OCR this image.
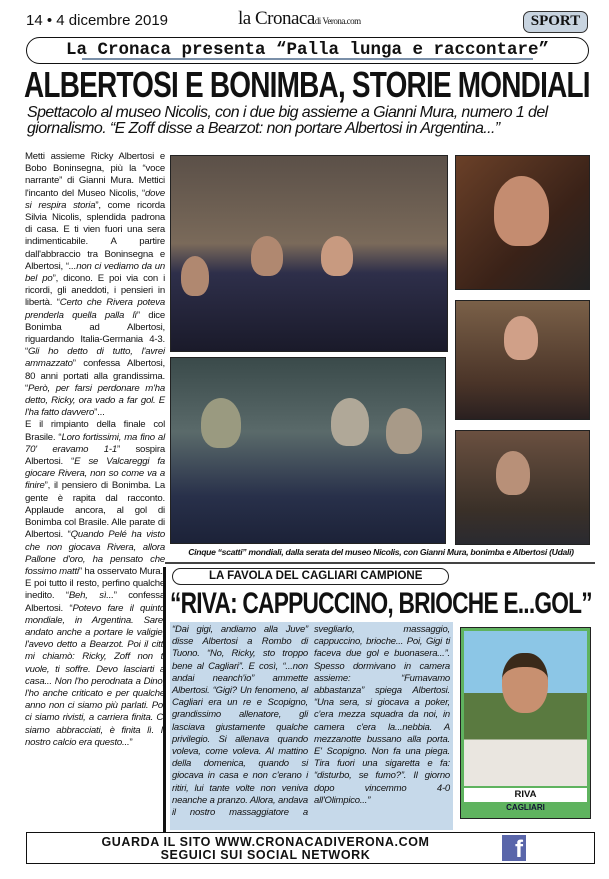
14 • 4 dicembre 2019	la Cronacadi Verona.com	SPORT
La Cronaca presenta “Palla lunga e raccontare”
ALBERTOSI E BONIMBA, STORIE MONDIALI
Spettacolo al museo Nicolis, con i due big assieme a Gianni Mura, numero 1 del giornalismo. “E Zoff disse a Bearzot: non portare Albertosi in Argentina...”

Metti assieme Ricky Albertosi e Bobo Boninsegna, più la “voce narrante” di Gianni Mura. Mettici l'incanto del Museo Nicolis, “dove si respira storia”, come ricorda Silvia Nicolis, splendida padrona di casa. E ti vien fuori una sera indimenticabile. A partire dall'abbraccio tra Boninsegna e Albertosi, “...non ci vediamo da un bel po”, dicono. E poi via con i ricordi, gli aneddoti, i pensieri in libertà. “Certo che Rivera poteva prenderla quella palla lì” dice Bonimba ad Albertosi, riguardando Italia-Germania 4-3. “Gli ho detto di tutto, l'avrei ammazzato” confessa Albertosi, 80 anni portati alla grandissima. “Però, per farsi perdonare m'ha detto, Ricky, ora vado a far gol. E l'ha fatto davvero”...

E il rimpianto della finale col Brasile. “Loro fortissimi, ma fino al 70' eravamo 1-1” sospira Albertosi. “E se Valcareggi fa giocare Rivera, non so come va a finire”, il pensiero di Bonimba. La gente è rapita dal racconto. Applaude ancora, al gol di Bonimba col Brasile. Alle parate di Albertosi. “Quando Pelé ha visto che non giocava Rivera, allora Pallone d'oro, ha pensato che fossimo matti” ha osservato Mura.

E poi tutto il resto, perfino qualche inedito. “Beh, sì...” confessa Albertosi. “Potevo fare il quinto mondiale, in Argentina. Sarei andato anche a portare le valigie, l'avevo detto a Bearzot. Poi il citti mi chiamò: Ricky, Zoff non ti vuole, ti soffre. Devo lasciarti a casa... Non l'ho perodnata a Dino, l'ho anche criticato e per qualche anno non ci siamo più parlati. Poi ci siamo rivisti, a carriera finita. Ci siamo abbracciati, è finita lì. Il nostro calcio era questo...”

Cinque “scatti” mondiali, dalla serata del museo Nicolis, con Gianni Mura, bonimba e Albertosi (Udali)
LA FAVOLA DEL CAGLIARI CAMPIONE
“RIVA: CAPPUCCINO, BRIOCHE E...GOL”
“Dai gigi, andiamo alla Juve” disse Albertosi a Rombo di Tuono. “No, Ricky, sto troppo bene al Cagliari”. E così, “...non andai neanch'io” ammette Albertosi. “Gigi? Un fenomeno, al Cagliari era un re e Scopigno, grandissimo allenatore, gli lasciava giustamente qualche privilegio. Si allenava quando voleva, come voleva. Al mattino della domenica, quando si giocava in casa e non c'erano i ritiri, lui tante volte non veniva neanche a pranzo. Allora, andava il nostro massaggiatore a svegliarlo, massaggio, cappuccino, brioche... Poi, Gigi ti faceva due gol e buonasera...”. Spesso dormivano in camera assieme: “Fumavamo abbastanza” spiega Albertosi. “Una sera, si giocava a poker, c'era mezza squadra da noi, in camera c'era la...nebbia. A mezzanotte bussano alla porta. E' Scopigno. Non fa una piega. Tira fuori una sigaretta e fa: “disturbo, se fumo?”. Il giorno dopo vincemmo 4-0 all'Olimpico...”
RIVA
CAGLIARI
GUARDA IL SITO WWW.CRONACADIVERONA.COM
SEGUICI SUI SOCIAL NETWORK	f
